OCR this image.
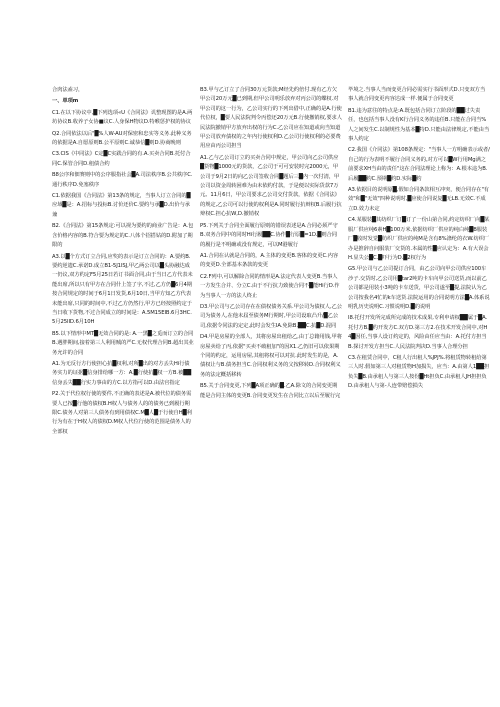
合肉法盍习，

一、单项m

C1.在以下协议中,█下列选项«U《合同法》讥整现图的是A.两坊协议B.收养子女协■议C.人身保H物议D.特喉惩护权的协议

Q2.合同依法以后"█%人W-AU对保密和忠实等义务.此种义务的依据是A.自愿原则B.公平原则C.诚恭信█则D.协商晚则

C3.CIS《中同法》C定█C实践合同的有.A.买卖合同B.托付合同C.保管合同D.租债合约

B8公序和佃赛则中的公序服指社会█A.司法秩序B.公共秩序C.通行秩序D.免塞秩序

C1.依据我国《合同法》第13条的规定，当事人订立合同的█应域█是：A.招标与投标B.讨价还价C.要约与承█D.出价与承兼

B2.《合同法》第15条规定:可以视为要约的商业广告是：A.包含价格内容的B.符合要为规定的C.八体个招搭钻的D.附加了期限的

A3.以█个方式订立合同,应奖的表示是订立合同的：A.要约B.要约逆遗C.承诺D.成立B1-5J1ISJ,甲乙两公司以█头协融达成一仍议,双方约定F5月25日若订书面合同,由于当日乙方代表未能出席,所以只有甲方在合同什上签了字,不过,乙方仍█6月4期按合同规定的时间于6月1日发货,6月10日,当甲方知乙方代表未能出席,只同的时间中,不过乙方仍然行,甲方已经按照约定于当日收下货物,不过合同成立的时间是：A.5M15EIB.6月3HC.5月25IID.6月10H

B5.以下情形中MT█无效合同的是: A.一黑█之觅而订立的合同B.遇胖期间,接着第三人利用贼的严C.无权代理合同B.超出其业务允许的合同

A1.为无反行方行使担心抗█权利,对所█出的对方丢失Hi行债务实力的证据█信身排给哪一方：A.█行使抗█权一方B.被██信身丢失██行实力事由的方C.以方指可以D.由法官指定

P2.关于代位权行使的要件,不正确的表述是A.被代位的债务需要人已按█行他的债权B.H权人与债务人的的债务已到履行期限C.债务人对第三人债务有到用债权C.M█人█于行使自H█利行为有在于H权人的债权D.M权人代位行使的范围是债务人的全部权

B3.甲与乙订立了合同30万元货款;M经先约倍付.现有乙方欠甲公司20万元█已到期,但甲公司明乐放弃对丙公司的蝶权.对甲公司的这一行为，乙公司实行的下列出借中,正确的是A.行使代位权，█要人民法院判令丙偿还20万元B.行使撤销权,要求人民法院撤销甲方放弃出权的行为C.乙公司应在知道或向当知道甲公司放弃债权的之年内行使权利D.乙公司行使权利的必要费用应由丙公司担当

A1.乙与乙公司订立的买卖合同中规定，甲公司向乙公司供应█货物█1000元的货款，乙公司于可可安装时完2000元，甲公司于9月2日的向乙公司签收合同█题后三█内一次付清，甲公司以资金周转困难为由未依约付款，于是便以实际货款7万元。11月6日，甲公司要求乙公司交付货款，依据《合同法》的规定,乙公司可以行使的权利是A.同时履行抗辩权B.后履行抗辩权C.担心抗W,D.撤销权

P5.下列关于合同全面履行原则的错误表述是A.合同必须严守B.双务合同中的同时Hi行履██C.协作█行原█=1D.█则合同的履行是不明确或没有规定，可以M港履行

A1.合同在认就是合同的，A.主体的变更B.客体的变更C.内容的变更D.全部基本条款的变更

C2.F列中,可以解除合同的情形是A.法定代表人变更B.当事人一方发生合并、分立C.由于不行抗力致使合同不█能Hi行D.作为当事人一方的法人终止

D3.甲公司与乙公司存在在债权债务关系.甲公司为债权人,乙公司为债务人,在他未届至债务M行期时,甲公司设取凸升/█乙公司,依据令同法的定定,此时会发生IA.免除B.██C.抗█D.混同

D4.甲是房屋的全部人，其将房屋出租给乙,由丁总籍用钱,甲将房屋卖给了丙,依据"买卖不破租加"的因X1.乙仍旧可以依果期个同的约定，运用房屋,其租将权可以对抗.此时发生的是，A.债权让与B.债务担当C.合同权利义务的父按移转D.合同权利义务的法定概括移转

B5.关于合同变更,下列█A项正确的█.乙A.除文的合同变更期能是合同主体的变更B.合同变更发生在合同比立以后至履行完

毕境之.当事人当而变更合同必需实行书面形式D.只变双方当事人就合同变更内容达成一样.便属于合同变更

B1.违为意往的特点是:A.既包括合同订立阶段的██过失责任，也包括当事人没有K行合同义务的违任B.只能在合同当%人之间发生C.以制规性为基本█特D.只能由法律规定,不能由当事人约定

C2.我国《介同法》第108条规定："当事人一方明确表示或者/自己的行为表明不履行合同义务的,对方可以█W行用Mg满之前要求XH当由的责任"这在合同法理论上称为：A.根本违为B.后履██约C.预期█约D.实际█约

A3.依据目的说明原█,假如合同条款相互冲突，便合同存在"有效"和█"无效"四种说明时,█应使合同说复█无LB.无效C.不成立D.效力未定

C4.某服装█其纺织厂订█订了一份山第合同,约定纺织厂向█某服厂供应纯6素H█100万米,依据纺织厂供应的纯白纯█B服装厂█收时发觉█纺织厂供应的纯M是含有8%涤纶的衣W.纺织厂办是推辞自问服装厂交货的.本属的性█应认定为：A.有大误会H.显失公█C.█吓行为D.█2权行为

G5.甲公司与乙公司提订合同，由乙公司向甲公司供应100车沙子.交货时,乙公司用█tar2吨的卡车向甲公司送货,而以前乙公司都是用装小3吨的卡车送货，甲公司遂至█提,法院认为乙公司按我名4忙的k车送货.法院运用的合同说明方法█A.体系说明乳历史说明C.习惯说明D.█的说明

I8.托付开发所完成所完成的技术成果,专利申请权██属于█A.托付方B.█约开发方C.双方D.第三方2.在技术开发合同中,对H4█因任,当事人设订约定的，风险由任应当由：A.托付方担当B.探讨开发方担当C.人民法院判决D.当事人合理分担

C3.在租赁合同中，C租人行出租人%JPJ%.将租赁物转租给第三人时.假如第三人对租赁物H加损失，应当：A.由第人1██担负失█B.由承租人与第三人按份█Ht担负C.由承租人JH担担负D.由承租人与第-人连带赔偿损失
